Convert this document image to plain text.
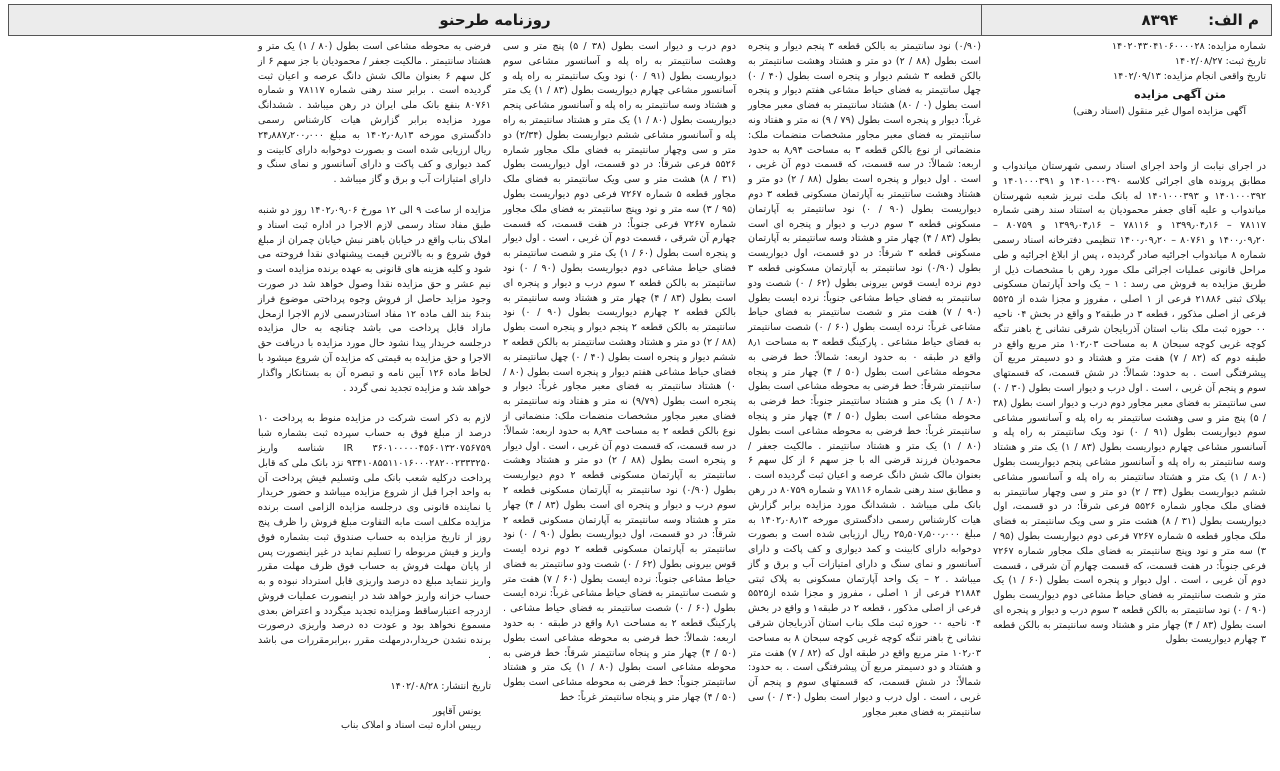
م الف:
۸۳۹۴
روزنامه طرحنو
شماره مزایده: ۱۴۰۲۰۴۳۰۴۱۰۶۰۰۰۰۲۸
تاریخ ثبت: ۱۴۰۲/۰۸/۲۷
تاریخ واقعی انجام مزایده: ۱۴۰۲/۰۹/۱۳
متن آگهی مزایده
آگهی مزایده اموال غیر منقول (اسناد رهنی)

در اجرای نیابت از واحد اجرای اسناد رسمی شهرستان میاندواب و مطابق پرونده های اجرائی کلاسه ۱۴۰۱۰۰۰۳۹۰ و ۱۴۰۱۰۰۰۳۹۱ و ۱۴۰۱۰۰۰۳۹۲ و ۱۴۰۱۰۰۰۳۹۳ له بانک ملت تبریز شعبه شهرستان میاندواب و علیه آقای جعفر محمودیان به استناد سند رهنی شماره ۷۸۱۱۷ – ۱۳۹۹٫۰۴٫۱۶ و ۷۸۱۱۶ – ۱۳۹۹٫۰۴٫۱۶ و ۸۰۷۵۹ – ۱۴۰۰٫۰۹٫۲۰ و ۸۰۷۶۱ – ۱۴۰۰٫۰۹٫۲۰ تنظیمی دفترخانه اسناد رسمی شماره ۸ میاندواب اجرائیه صادر گردیده ، پس از ابلاغ اجرائیه و طی مراحل قانونی عملیات اجرائی ملک مورد رهن با مشخصات ذیل از طریق مزایده به فروش می رسد : ۱ – یک واحد آپارتمان مسکونی بپلاک ثبتی ۲۱۸۸۶ فرعی از ۱ اصلی ، مفروز و مجزا شده از ۵۵۲۵ فرعی از اصلی مذکور ، قطعه ۳ در طبقه۲ و واقع در بخش ۰۴ ناحیه ۰۰ حوزه ثبت ملک بناب استان آذربایجان شرقی نشانی خ باهنر تنگه کوچه غربی کوچه سبحان ۸ به مساحت ۱۰۲٫۰۳ متر مربع واقع در طبقه دوم که (۸۲ / ۷) هفت متر و هشتاد و دو دسیمتر مربع آن پیشرفتگی است . به حدود: شمالاً: در شش قسمت، که قسمتهای سوم و پنجم آن غربی ، است . اول درب و دیوار است بطول (۳۰ / ۰) سی سانتیمتر به فضای معبر مجاور دوم درب و دیوار است بطول (۳۸ / ۵) پنج متر و سی وهشت سانتیمتر به راه پله و آسانسور مشاعی سوم دیواریست بطول (۹۱ / ۰) نود ویک سانتیمتر به راه پله و آسانسور مشاعی چهارم دیواریست بطول (۸۳ / ۱) یک متر و هشتاد وسه سانتیمتر به راه پله و آسانسور مشاعی پنجم دیواریست بطول (۸۰ / ۱) یک متر و هشتاد سانتیمتر به راه پله و آسانسور مشاعی ششم دیواریست بطول (۳۴ / ۲) دو متر و سی وچهار سانتیمتر به فضای ملک مجاور شماره ۵۵۲۶ فرعی شرقاً: در دو قسمت، اول دیواریست بطول (۳۱ / ۸) هشت متر و سی ویک سانتیمتر به فضای ملک مجاور قطعه ۵ شماره ۷۲۶۷ فرعی دوم دیواریست بطول (۹۵ / ۳) سه متر و نود وپنج سانتیمتر به فضای ملک مجاور شماره ۷۲۶۷ فرعی جنوباً: در هفت قسمت، که قسمت چهارم آن شرقی ، قسمت دوم آن غربی ، است . اول دیوار و پنجره است بطول (۶۰ / ۱) یک متر و شصت سانتیمتر به فضای حیاط مشاعی دوم دیواریست بطول (۹۰ / ۰) نود سانتیمتر به بالکن قطعه ۳ سوم درب و دیوار و پنجره ای است بطول (۸۳ / ۴) چهار متر و هشتاد وسه سانتیمتر به بالکن قطعه ۳ چهارم دیواریست بطول

(۰/۹۰) نود سانتیمتر به بالکن قطعه ۳ پنجم دیوار و پنجره است بطول (۸۸ / ۲) دو متر و هشتاد وهشت سانتیمتر به بالکن قطعه ۳ ششم دیوار و پنجره است بطول (۴۰ / ۰) چهل سانتیمتر به فضای حیاط مشاعی هفتم دیوار و پنجره است بطول (۰ / ۸۰) هشتاد سانتیمتر به فضای معبر مجاور غرباً: دیوار و پنجره است بطول (۷۹ / ۹) نه متر و هفتاد ونه سانتیمتر به فضای معبر مجاور مشخصات منضمات ملک: منضماتی از نوع بالکن قطعه ۳ به مساحت ۸٫۹۴ به حدود اربعه: شمالاً: در سه قسمت، که قسمت دوم آن غربی ، است . اول دیوار و پنجره است بطول (۸۸ / ۲) دو متر و هشتاد وهشت سانتیمتر به آپارتمان مسکونی قطعه ۳ دوم دیواریست بطول (۹۰ / ۰) نود سانتیمتر به آپارتمان مسکونی قطعه ۳ سوم درب و دیوار و پنجره ای است بطول (۸۳ / ۴) چهار متر و هشتاد وسه سانتیمتر به آپارتمان مسکونی قطعه ۳ شرقاً: در دو قسمت، اول دیواریست بطول (۰/۹۰) نود سانتیمتر به آپارتمان مسکونی قطعه ۳ دوم نرده ایست قوس بیرونی بطول (۶۲ / ۰) شصت ودو سانتیمتر به فضای حیاط مشاعی جنوباً: نرده ایست بطول (۹۰ / ۷) هفت متر و شصت سانتیمتر به فضای حیاط مشاعی غرباً: نرده ایست بطول (۶۰ / ۰) شصت سانتیمتر به فضای حیاط مشاعی . پارکینگ قطعه ۳ به مساحت ۸٫۱ واقع در طبقه ۰ به حدود اربعه: شمالاً: خط فرضی به محوطه مشاعی است بطول (۵۰ / ۴) چهار متر و پنجاه سانتیمتر شرقاً: خط فرضی به محوطه مشاعی است بطول (۸۰ / ۱) یک متر و هشتاد سانتیمتر جنوباً: خط فرضی به محوطه مشاعی است بطول (۵۰ / ۴) چهار متر و پنجاه سانتیمتر غرباً: خط فرضی به محوطه مشاعی است بطول (۸۰ / ۱) یک متر و هشتاد سانتیمتر . مالکیت جعفر / محمودیان فرزند قرضی اله با جز سهم ۶ از کل سهم ۶ بعنوان مالک شش دانگ عرصه و اعیان ثبت گردیده است . و مطابق سند رهنی شماره ۷۸۱۱۶ و شماره ۸۰۷۵۹ در رهن بانک ملی میباشد . ششدانگ مورد مزایده برابر گزارش هیات کارشناس رسمی دادگستری مورخه ۱۴۰۲٫۰۸٫۱۳ به مبلغ ۲۵٫۵۰۷٫۵۰۰٫۰۰۰ ریال ارزیابی شده است و بصورت دوخوابه دارای کابینت و کمد دیواری و کف پاکت و دارای آسانسور و نمای سنگ و دارای امتیازات آب و برق و گاز میباشد . ۲ – یک واحد آپارتمان مسکونی به پلاک ثبتی ۲۱۸۸۴ فرعی از ۱ اصلی ، مفروز و مجزا شده از۵۵۲۵ فرعی از اصلی مذکور ، قطعه ۲ در طبقه۱ و واقع در بخش ۰۴ ناحیه ۰۰ حوزه ثبت ملک بناب استان آذربایجان شرقی نشانی خ باهنر تنگه کوچه غربی کوچه سبحان ۸ به مساحت ۱۰۲٫۰۳ متر مربع واقع در طبقه اول که (۸۲ / ۷) هفت متر و هشتاد و دو دسیمتر مربع آن پیشرفتگی است . به حدود: شمالاً: در شش قسمت، که قسمتهای سوم و پنجم آن غربی ، است . اول درب و دیوار است بطول (۳۰ / ۰) سی سانتیمتر به فضای معبر مجاور

دوم درب و دیوار است بطول (۳۸ / ۵) پنج متر و سی وهشت سانتیمتر به راه پله و آسانسور مشاعی سوم دیواریست بطول (۹۱ / ۰) نود ویک سانتیمتر به راه پله و آسانسور مشاعی چهارم دیواریست بطول (۸۳ / ۱) یک متر و هشتاد وسه سانتیمتر به راه پله و آسانسور مشاعی پنجم دیواریست بطول (۸۰ / ۱) یک متر و هشتاد سانتیمتر به راه پله و آسانسور مشاعی ششم دیواریست بطول (۲/۳۴) دو متر و سی وچهار سانتیمتر به فضای ملک مجاور شماره ۵۵۲۶ فرعی شرقاً: در دو قسمت، اول دیواریست بطول (۳۱ / ۸) هشت متر و سی ویک سانتیمتر به فضای ملک مجاور قطعه ۵ شماره ۷۲۶۷ فرعی دوم دیواریست بطول (۹۵ / ۳) سه متر و نود وپنج سانتیمتر به فضای ملک مجاور شماره ۷۲۶۷ فرعی جنوباً: در هفت قسمت، که قسمت چهارم آن شرقی ، قسمت دوم آن غربی ، است . اول دیوار و پنجره است بطول (۶۰ / ۱) یک متر و شصت سانتیمتر به فضای حیاط مشاعی دوم دیواریست بطول (۹۰ / ۰) نود سانتیمتر به بالکن قطعه ۲ سوم درب و دیوار و پنجره ای است بطول (۸۳ / ۴) چهار متر و هشتاد وسه سانتیمتر به بالکن قطعه ۲ چهارم دیواریست بطول (۹۰ / ۰) نود سانتیمتر به بالکن قطعه ۲ پنجم دیوار و پنجره است بطول (۸۸ / ۲) دو متر و هشتاد وهشت سانتیمتر به بالکن قطعه ۲ ششم دیوار و پنجره است بطول (۴۰ / ۰) چهل سانتیمتر به فضای حیاط مشاعی هفتم دیوار و پنجره است بطول (۸۰ / ۰) هشتاد سانتیمتر به فضای معبر مجاور غرباً: دیوار و پنجره است بطول (۹/۷۹) نه متر و هفتاد ونه سانتیمتر به فضای معبر مجاور مشخصات منضمات ملک: منضماتی از نوع بالکن قطعه ۲ به مساحت ۸٫۹۴ به حدود اربعه: شمالاً: در سه قسمت، که قسمت دوم آن غربی ، است . اول دیوار و پنجره است بطول (۸۸ / ۲) دو متر و هشتاد وهشت سانتیمتر به آپارتمان مسکونی قطعه ۲ دوم دیواریست بطول (۰/۹۰) نود سانتیمتر به آپارتمان مسکونی قطعه ۲ سوم درب و دیوار و پنجره ای است بطول (۸۳ / ۴) چهار متر و هشتاد وسه سانتیمتر به آپارتمان مسکونی قطعه ۲ شرقاً: در دو قسمت، اول دیواریست بطول (۹۰ / ۰) نود سانتیمتر به آپارتمان مسکونی قطعه ۲ دوم نرده ایست قوس بیرونی بطول (۶۲ / ۰) شصت ودو سانتیمتر به فضای حیاط مشاعی جنوباً: نرده ایست بطول (۶۰ / ۷) هفت متر و شصت سانتیمتر به فضای حیاط مشاعی غرباً: نرده ایست بطول (۶۰ / ۰) شصت سانتیمتر به فضای حیاط مشاعی . پارکینگ قطعه ۲ به مساحت ۸٫۱ واقع در طبقه ۰ به حدود اربعه: شمالاً: خط فرضی به محوطه مشاعی است بطول (۵۰ / ۴) چهار متر و پنجاه سانتیمتر شرقاً: خط فرضی به محوطه مشاعی است بطول (۸۰ / ۱) یک متر و هشتاد سانتیمتر جنوباً: خط فرضی به محوطه مشاعی است بطول (۵۰ / ۴) چهار متر و پنجاه سانتیمتر غرباً: خط

فرضی به محوطه مشاعی است بطول (۸۰ / ۱) یک متر و هشتاد سانتیمتر . مالکیت جعفر / محمودیان با جز سهم ۶ از کل سهم ۶ بعنوان مالک شش دانگ عرصه و اعیان ثبت گردیده است . برابر سند رهنی شماره ۷۸۱۱۷ و شماره ۸۰۷۶۱ بنفع بانک ملی ایران در رهن میباشد . ششدانگ مورد مزایده برابر گزارش هیات کارشناس رسمی دادگستری مورخه ۱۴۰۲٫۰۸٫۱۳ به مبلغ ۲۴٫۸۸۷٫۲۰۰٫۰۰۰ ریال ارزیابی شده است و بصورت دوخوابه دارای کابینت و کمد دیواری و کف پاکت و دارای آسانسور و نمای سنگ و دارای امتیازات آب و برق و گاز میباشد .

مزایده از ساعت ۹ الی ۱۲ مورخ ۱۴۰۲٫۰۹٫۰۶ روز دو شنبه طبق مفاد ستاد رسمی لازم الاجرا در اداره ثبت اسناد و املاک بناب واقع در خیابان باهنر نبش خیابان چمران از مبلغ فوق شروع و به بالاترین قیمت پیشنهادی نقدا فروخته می شود و کلیه هزینه های قانونی به عهده برنده مزایده است و نیم عشر و حق مزایده نقدا وصول خواهد شد در صورت وجود مزاید حاصل از فروش وجوه پرداختی موضوع فراز بند۶ بند الف ماده ۱۲ مفاد استادرسمی لازم الاجرا ازمحل مازاد قابل پرداخت می باشد چنانچه به حال مزایده درجلسه خریدار پیدا نشود حال مورد مزایده با دریافت حق الاجرا و حق مزایده به قیمتی که مزایده آن شروع میشود با لحاظ ماده ۱۲۶ آیین نامه و تبصره آن به بستانکار واگذار خواهد شد و مزایده تجدید نمی گردد .

لازم به ذکر است شرکت در مزایده منوط به پرداخت ۱۰ درصد از مبلغ فوق به حساب سپرده ثبت بشماره شبا ۳۶۰۱۰۰۰۰۰۴۵۶۰۱۳۲۰۷۵۶۷۵۹ IR شناسه واریز ۹۳۴۱۰۸۵۵۱۱۰۱۶۰۰۰۲۸۲۰۰۲۳۳۳۲۵۰ نزد بانک ملی که قابل پرداخت درکلیه شعب بانک ملی وتسلیم فیش پرداخت آن به واحد اجرا قبل از شروع مزایده میباشد و حضور خریدار یا نماینده قانونی وی درجلسه مزایده الزامی است برنده مزایده مکلف است مابه التفاوت مبلغ فروش را ظرف پنج روز از تاریخ مزایده به حساب صندوق ثبت بشماره فوق واریز و فیش مربوطه را تسلیم نماید در غیر اینصورت پس از پایان مهلت فروش به حساب فوق ظرف مهلت مقرر واریز ننماید مبلغ ده درصد واریزی قابل استرداد نبوده و به حساب خزانه واریز خواهد شد در اینصورت عملیات فروش ازدرجه اعتبارساقط ومزایده تجدید میگردد و اعتراض بعدی مسموع نخواهد بود و عودت ده درصد واریزی درصورت برنده نشدن خریدار،درمهلت مقرر ،برابرمقررات می باشد .

تاریخ انتشار: ۱۴۰۲/۰۸/۲۸
یونس آقاپور
رییس اداره ثبت اسناد و املاک بناب
